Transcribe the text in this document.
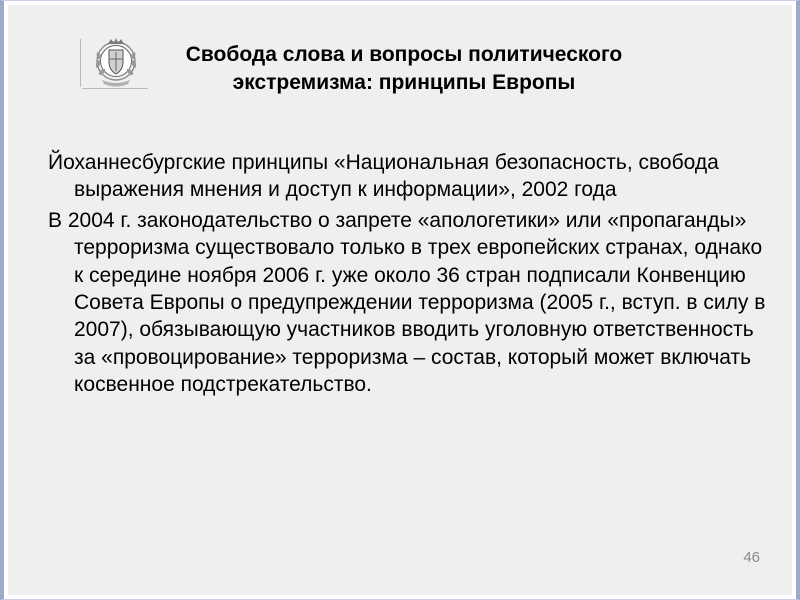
Свобода слова и вопросы политического
экстремизма: принципы Европы

Йоханнесбургские принципы «Национальная безопасность, свобода выражения мнения и доступ к информации», 2002 года

В 2004 г. законодательство о запрете «апологетики» или «пропаганды» терроризма существовало только в трех европейских странах, однако к середине ноября 2006 г. уже около 36 стран подписали Конвенцию Совета Европы о предупреждении терроризма (2005 г., вступ. в силу в 2007), обязывающую участников вводить уголовную ответственность за «провоцирование» терроризма – состав, который может включать косвенное подстрекательство.

46
